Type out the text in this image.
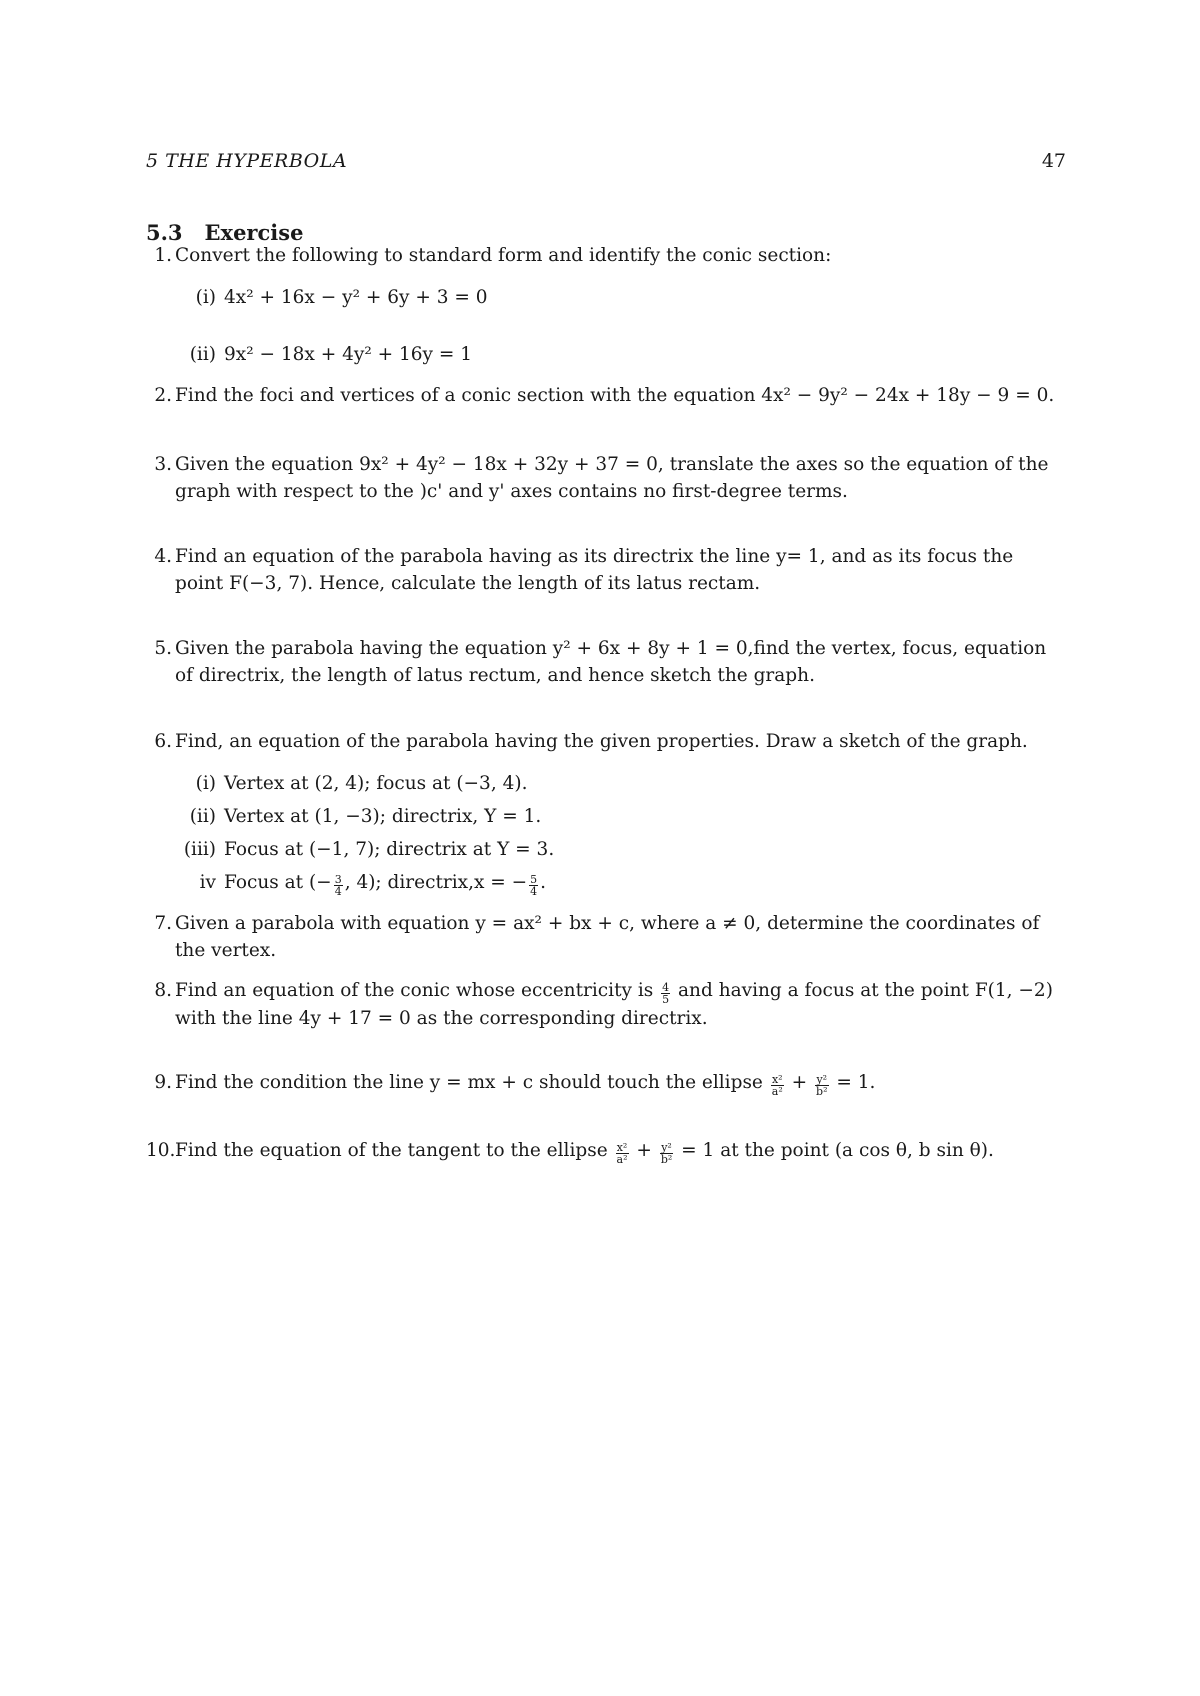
5 THE HYPERBOLA	47
5.3 Exercise
1. Convert the following to standard form and identify the conic section:
(i) 4x² + 16x − y² + 6y + 3 = 0
(ii) 9x² − 18x + 4y² + 16y = 1
2. Find the foci and vertices of a conic section with the equation 4x² − 9y² − 24x + 18y − 9 = 0.
3. Given the equation 9x² + 4y² − 18x + 32y + 37 = 0, translate the axes so the equation of the graph with respect to the )c' and y' axes contains no first-degree terms.
4. Find an equation of the parabola having as its directrix the line y= 1, and as its focus the point F(−3, 7). Hence, calculate the length of its latus rectam.
5. Given the parabola having the equation y² + 6x + 8y + 1 = 0,find the vertex, focus, equation of directrix, the length of latus rectum, and hence sketch the graph.
6. Find, an equation of the parabola having the given properties. Draw a sketch of the graph.
(i) Vertex at (2, 4); focus at (−3, 4).
(ii) Vertex at (1, −3); directrix, Y = 1.
(iii) Focus at (−1, 7); directrix at Y = 3.
iv Focus at (− $\frac{3}{4}$ , 4); directrix,x = − $\frac{5}{4}$ .
7. Given a parabola with equation y = ax² + bx + c, where a ≠ 0, determine the coordinates of the vertex.
8. Find an equation of the conic whose eccentricity is $\frac{4}{5}$ and having a focus at the point F(1, −2) with the line 4y + 17 = 0 as the corresponding directrix.
9. Find the condition the line y = mx + c should touch the ellipse $\frac{\text{x²}}{\text{a²}} + \frac{\text{y²}}{\text{b²}} = 1$.
10. Find the equation of the tangent to the ellipse $\frac{\text{x²}}{\text{a²}} + \frac{\text{y²}}{\text{b²}} = 1$ at the point (a cos θ, b sin θ).
